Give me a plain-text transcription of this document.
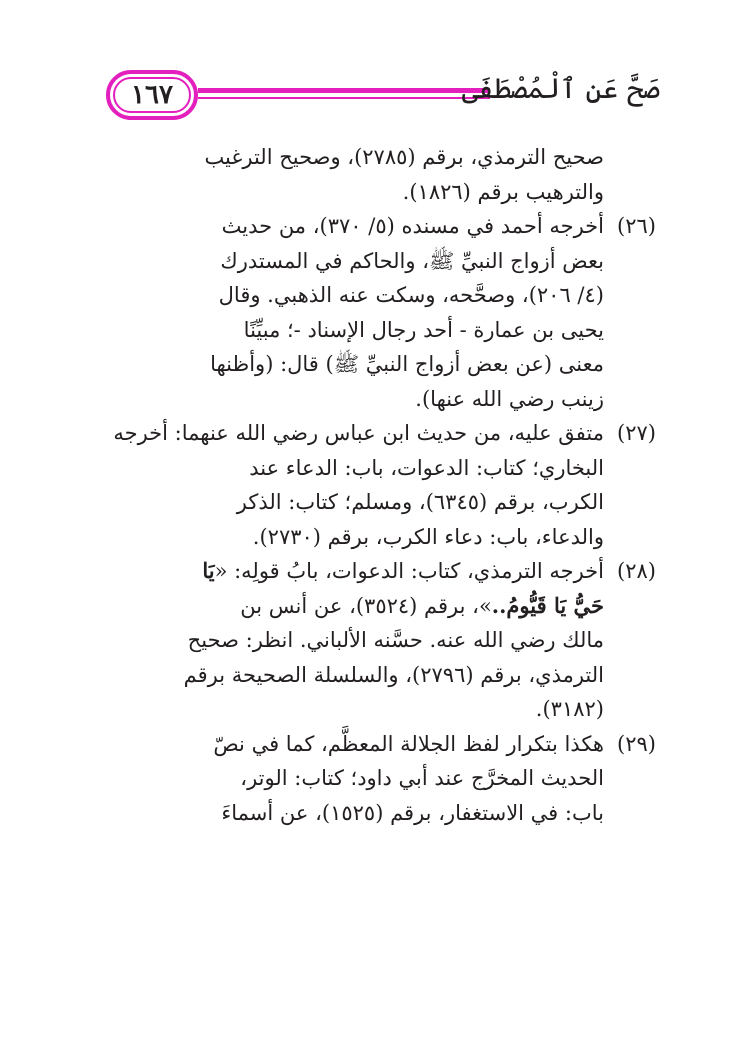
١٦٧	صَحَّ عَنِ ٱلْمُصْطَفَى
صحيح الترمذي، برقم (٢٧٨٥)، وصحيح الترغيب
والترهيب برقم (١٨٢٦).
(٢٦)
أخرجه أحمد في مسنده (٥/ ٣٧٠)، من حديث
بعض أزواج النبيِّ ﷺ، والحاكم في المستدرك
(٤/ ٢٠٦)، وصحَّحه، وسكت عنه الذهبي. وقال
يحيى بن عمارة - أحد رجال الإسناد -؛ مبيِّنًا
معنى (عن بعض أزواج النبيِّ ﷺ) قال: (وأظنها
زينب رضي الله عنها).
(٢٧)
متفق عليه، من حديث ابن عباس رضي الله عنهما: أخرجه
البخاري؛ كتاب: الدعوات، باب: الدعاء عند
الكرب، برقم (٦٣٤٥)، ومسلم؛ كتاب: الذكر
والدعاء، باب: دعاء الكرب، برقم (٢٧٣٠).
(٢٨)
أخرجه الترمذي، كتاب: الدعوات، بابُ قولِه: «يَا
حَيُّ يَا قَيُّومُ..»، برقم (٣٥٢٤)، عن أنس بن
مالك رضي الله عنه. حسَّنه الألباني. انظر: صحيح
الترمذي، برقم (٢٧٩٦)، والسلسلة الصحيحة برقم
(٣١٨٢).
(٢٩)
هكذا بتكرار لفظ الجلالة المعظَّم، كما في نصّ
الحديث المخرَّج عند أبي داود؛ كتاب: الوتر،
باب: في الاستغفار، برقم (١٥٢٥)، عن أسماءَ
